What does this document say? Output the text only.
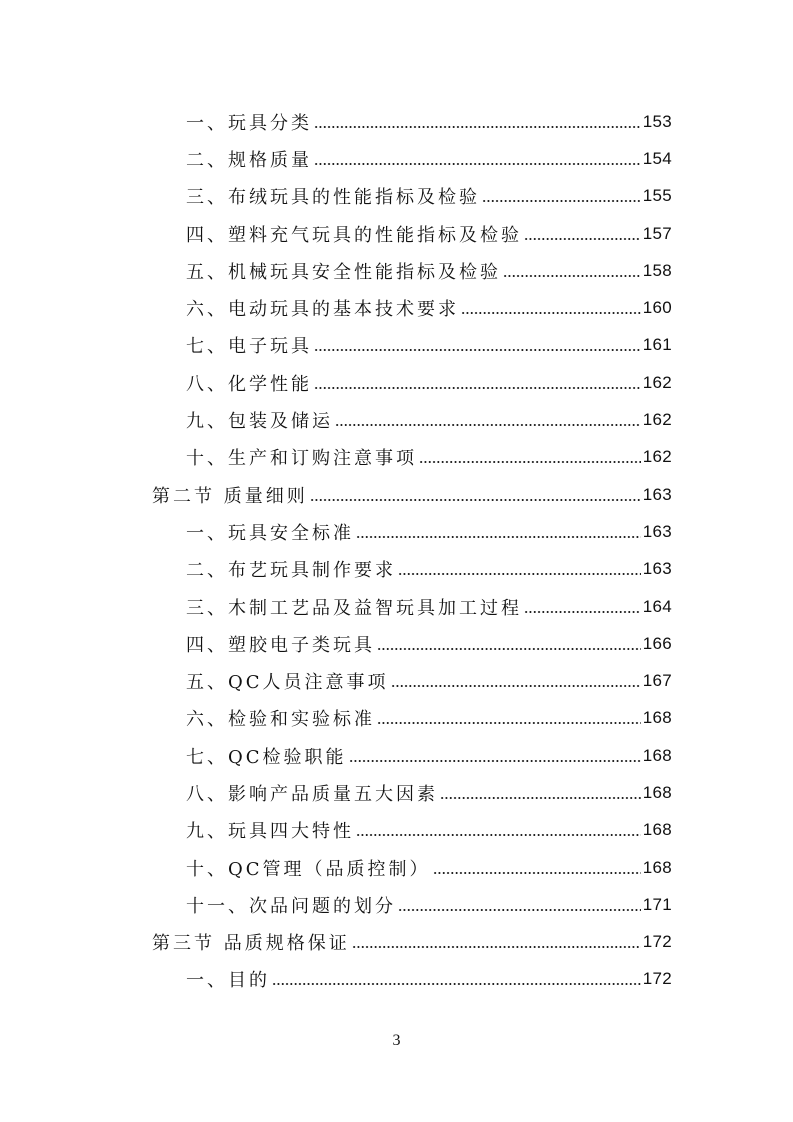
一、玩具分类	153
二、规格质量	154
三、布绒玩具的性能指标及检验	155
四、塑料充气玩具的性能指标及检验	157
五、机械玩具安全性能指标及检验	158
六、电动玩具的基本技术要求	160
七、电子玩具	161
八、化学性能	162
九、包装及储运	162
十、生产和订购注意事项	162
第二节 质量细则	163
一、玩具安全标准	163
二、布艺玩具制作要求	163
三、木制工艺品及益智玩具加工过程	164
四、塑胶电子类玩具	166
五、QC人员注意事项	167
六、检验和实验标准	168
七、QC检验职能	168
八、影响产品质量五大因素	168
九、玩具四大特性	168
十、QC管理（品质控制）	168
十一、次品问题的划分	171
第三节 品质规格保证	172
一、目的	172
3
